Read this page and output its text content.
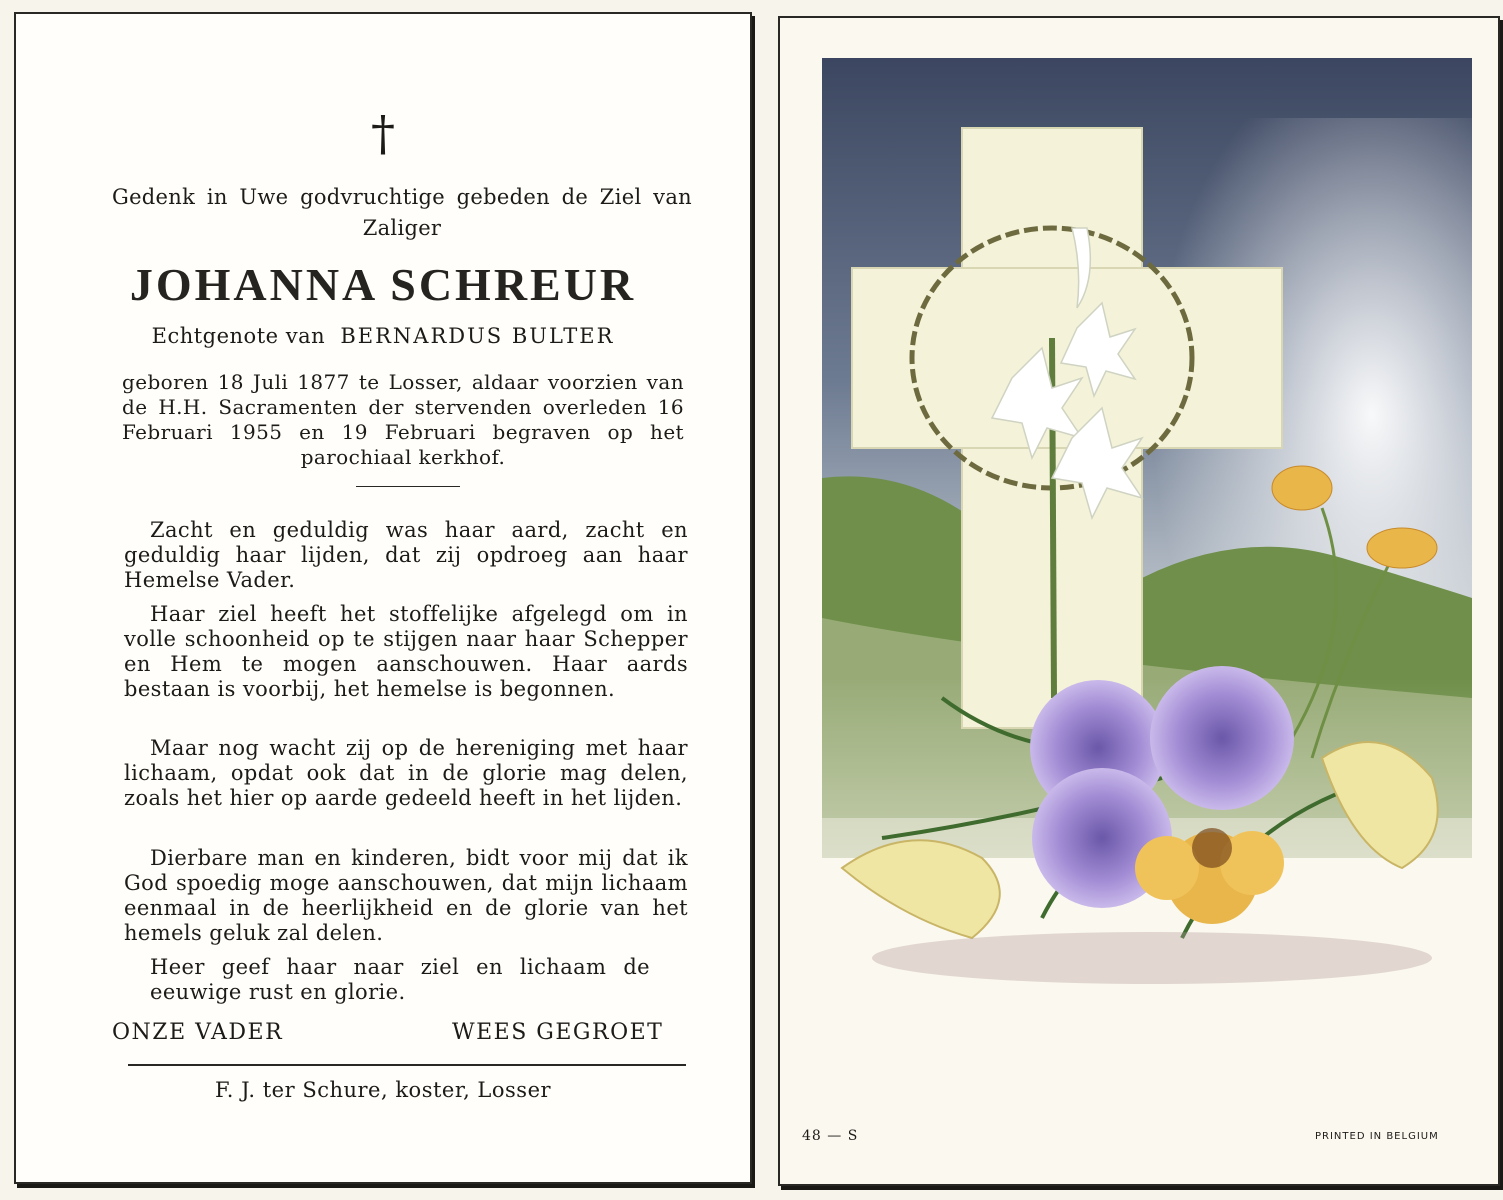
†
Gedenk in Uwe godvruchtige gebeden de Ziel van Zaliger
JOHANNA SCHREUR
Echtgenote van BERNARDUS BULTER
geboren 18 Juli 1877 te Losser, aldaar voorzien van de H.H. Sacramenten der stervenden overleden 16 Februari 1955 en 19 Februari begraven op het parochiaal kerkhof.
Zacht en geduldig was haar aard, zacht en geduldig haar lijden, dat zij opdroeg aan haar Hemelse Vader.
Haar ziel heeft het stoffelijke afgelegd om in volle schoonheid op te stijgen naar haar Schepper en Hem te mogen aanschouwen. Haar aards bestaan is voorbij, het hemelse is begonnen.
Maar nog wacht zij op de hereniging met haar lichaam, opdat ook dat in de glorie mag delen, zoals het hier op aarde gedeeld heeft in het lijden.
Dierbare man en kinderen, bidt voor mij dat ik God spoedig moge aanschouwen, dat mijn lichaam eenmaal in de heerlijkheid en de glorie van het hemels geluk zal delen.
Heer geef haar naar ziel en lichaam de eeuwige rust en glorie.
ONZE VADER	WEES GEGROET
F. J. ter Schure, koster, Losser
48 — S	PRINTED IN BELGIUM
